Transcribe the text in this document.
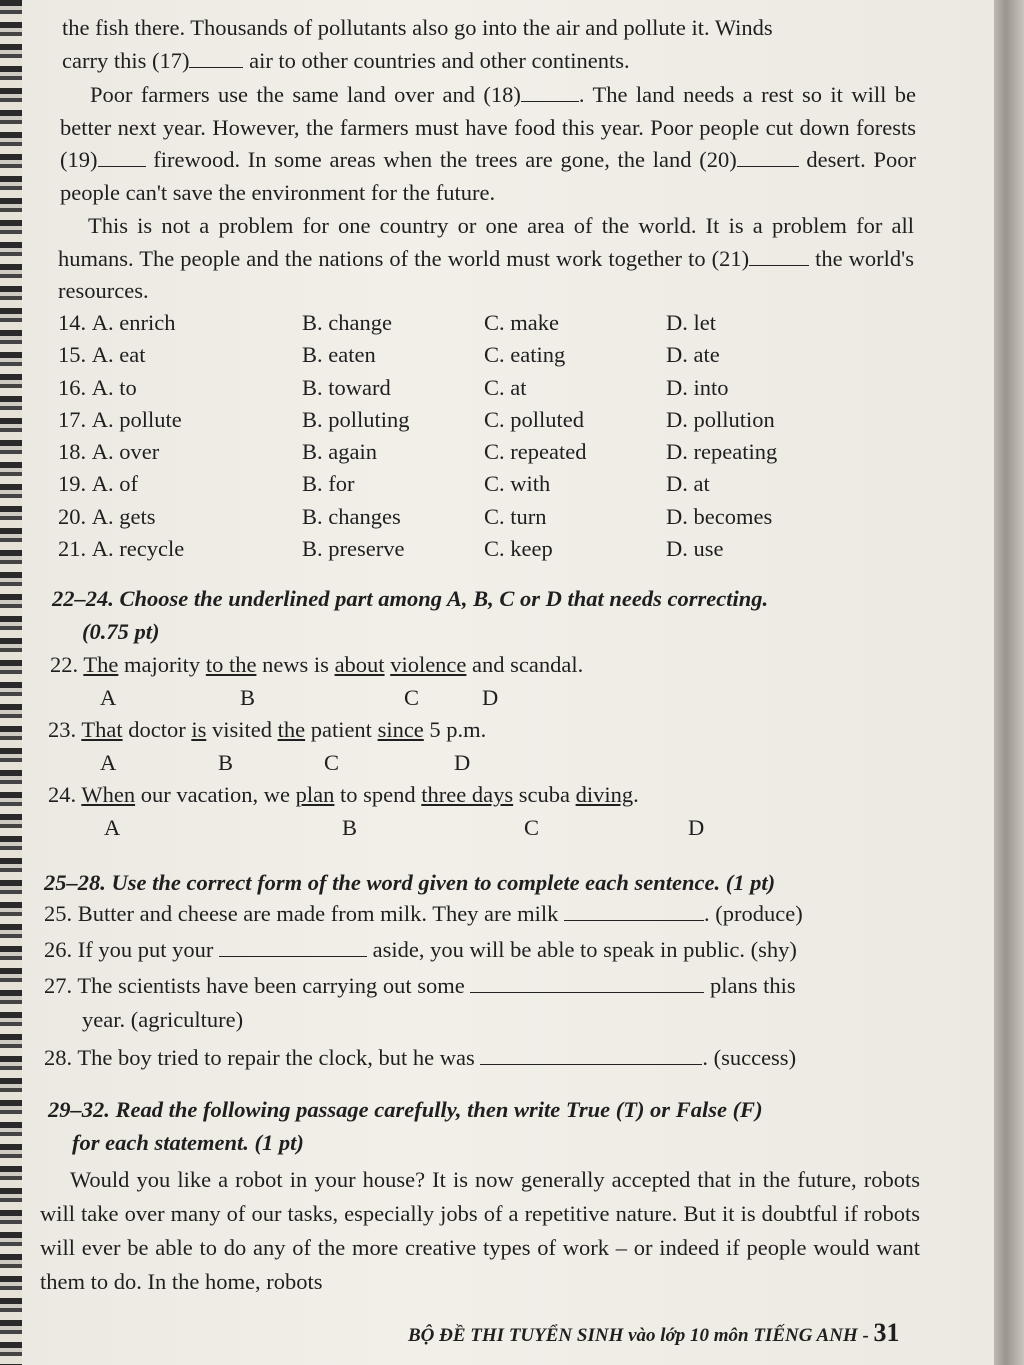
the fish there. Thousands of pollutants also go into the air and pollute it. Winds

carry this (17) air to other countries and other continents.

Poor farmers use the same land over and (18)	. The land needs a rest so it will be better next year. However, the farmers must have food this year. Poor people cut down forests (19) firewood. In some areas when the trees are gone, the land (20)	desert. Poor people can't save the environment for the future.

This is not a problem for one country or one area of the world. It is a problem for all humans. The people and the nations of the world must work together to (21)	the world's resources.

14. A. enrich	B. change	C. make	D. let
15. A. eat	B. eaten	C. eating	D. ate
16. A. to	B. toward	C. at	D. into
17. A. pollute	B. polluting	C. polluted	D. pollution
18. A. over	B. again	C. repeated	D. repeating
19. A. of	B. for	C. with	D. at
20. A. gets	B. changes	C. turn	D. becomes
21. A. recycle	B. preserve	C. keep	D. use
22–24. Choose the underlined part among A, B, C or D that needs correcting.
(0.75 pt)
22. The majority to the news is about violence and scandal.
A	B	C	D
23. That doctor is visited the patient since 5 p.m.
A	B	C	D
24. When our vacation, we plan to spend three days scuba diving.
A	B	C	D
25–28. Use the correct form of the word given to complete each sentence. (1 pt)
25. Butter and cheese are made from milk. They are milk	. (produce)
26. If you put your	aside, you will be able to speak in public. (shy)
27. The scientists have been carrying out some	plans this
year. (agriculture)
28. The boy tried to repair the clock, but he was	. (success)
29–32. Read the following passage carefully, then write True (T) or False (F)
for each statement. (1 pt)

Would you like a robot in your house? It is now generally accepted that in the future, robots will take over many of our tasks, especially jobs of a repetitive nature. But it is doubtful if robots will ever be able to do any of the more creative types of work – or indeed if people would want them to do. In the home, robots

BỘ ĐỀ THI TUYỂN SINH vào lớp 10 môn TIẾNG ANH - 31
